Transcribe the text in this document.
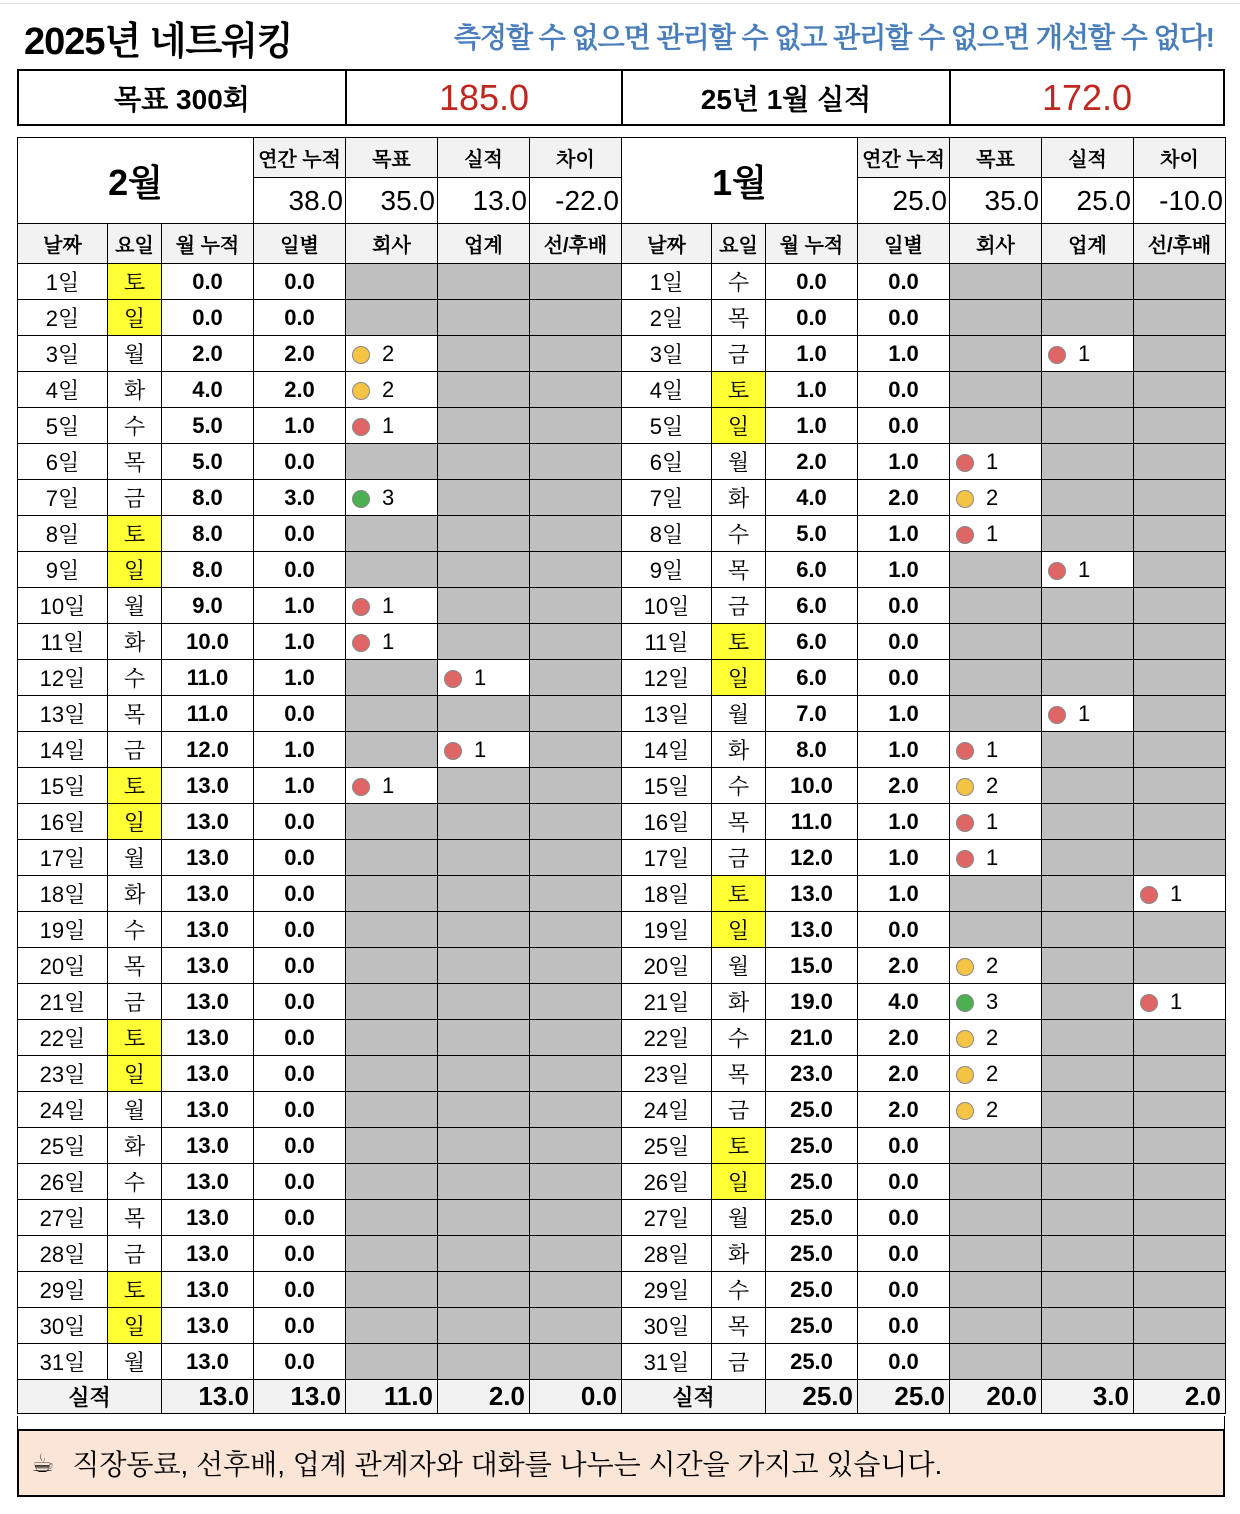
2025년 네트워킹	측정할 수 없으면 관리할 수 없고 관리할 수 없으면 개선할 수 없다!
목표 300회	185.0	25년 1월 실적	172.0
2월			연간 누적	목표	실적	차이
			38.0	35.0	13.0	-22.0
날짜	요일	월 누적	일별	회사	업계	선/후배
1일	토	0.0	0.0			
2일	일	0.0	0.0			
3일	월	2.0	2.0	2		
4일	화	4.0	2.0	2		
5일	수	5.0	1.0	1		
6일	목	5.0	0.0			
7일	금	8.0	3.0	3		
8일	토	8.0	0.0			
9일	일	8.0	0.0			
10일	월	9.0	1.0	1		
11일	화	10.0	1.0	1		
12일	수	11.0	1.0		1	
13일	목	11.0	0.0			
14일	금	12.0	1.0		1	
15일	토	13.0	1.0	1		
16일	일	13.0	0.0			
17일	월	13.0	0.0			
18일	화	13.0	0.0			
19일	수	13.0	0.0			
20일	목	13.0	0.0			
21일	금	13.0	0.0			
22일	토	13.0	0.0			
23일	일	13.0	0.0			
24일	월	13.0	0.0			
25일	화	13.0	0.0			
26일	수	13.0	0.0			
27일	목	13.0	0.0			
28일	금	13.0	0.0			
29일	토	13.0	0.0			
30일	일	13.0	0.0			
31일	월	13.0	0.0			
실적		13.0	13.0	11.0	2.0	0.0
1월			연간 누적	목표	실적	차이
			25.0	35.0	25.0	-10.0
날짜	요일	월 누적	일별	회사	업계	선/후배
1일	수	0.0	0.0			
2일	목	0.0	0.0			
3일	금	1.0	1.0		1	
4일	토	1.0	0.0			
5일	일	1.0	0.0			
6일	월	2.0	1.0	1		
7일	화	4.0	2.0	2		
8일	수	5.0	1.0	1		
9일	목	6.0	1.0		1	
10일	금	6.0	0.0			
11일	토	6.0	0.0			
12일	일	6.0	0.0			
13일	월	7.0	1.0		1	
14일	화	8.0	1.0	1		
15일	수	10.0	2.0	2		
16일	목	11.0	1.0	1		
17일	금	12.0	1.0	1		
18일	토	13.0	1.0			1
19일	일	13.0	0.0			
20일	월	15.0	2.0	2		
21일	화	19.0	4.0	3		1
22일	수	21.0	2.0	2		
23일	목	23.0	2.0	2		
24일	금	25.0	2.0	2		
25일	토	25.0	0.0			
26일	일	25.0	0.0			
27일	월	25.0	0.0			
28일	화	25.0	0.0			
29일	수	25.0	0.0			
30일	목	25.0	0.0			
31일	금	25.0	0.0			
실적		25.0	25.0	20.0	3.0	2.0
☕ 직장동료, 선후배, 업계 관계자와 대화를 나누는 시간을 가지고 있습니다.
